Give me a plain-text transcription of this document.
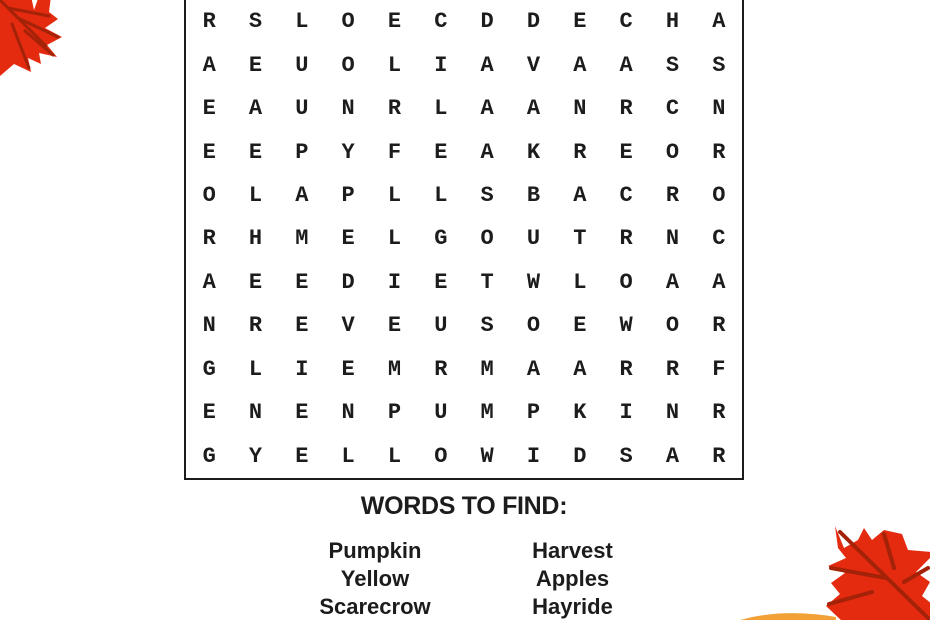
R	S	L	O	E	C	D	D	E	C	H	A
A	E	U	O	L	I	A	V	A	A	S	S
E	A	U	N	R	L	A	A	N	R	C	N
E	E	P	Y	F	E	A	K	R	E	O	R
O	L	A	P	L	L	S	B	A	C	R	O
R	H	M	E	L	G	O	U	T	R	N	C
A	E	E	D	I	E	T	W	L	O	A	A
N	R	E	V	E	U	S	O	E	W	O	R
G	L	I	E	M	R	M	A	A	R	R	F
E	N	E	N	P	U	M	P	K	I	N	R
G	Y	E	L	L	O	W	I	D	S	A	R
WORDS TO FIND:
Pumpkin
Yellow
Scarecrow
Harvest
Apples
Hayride
